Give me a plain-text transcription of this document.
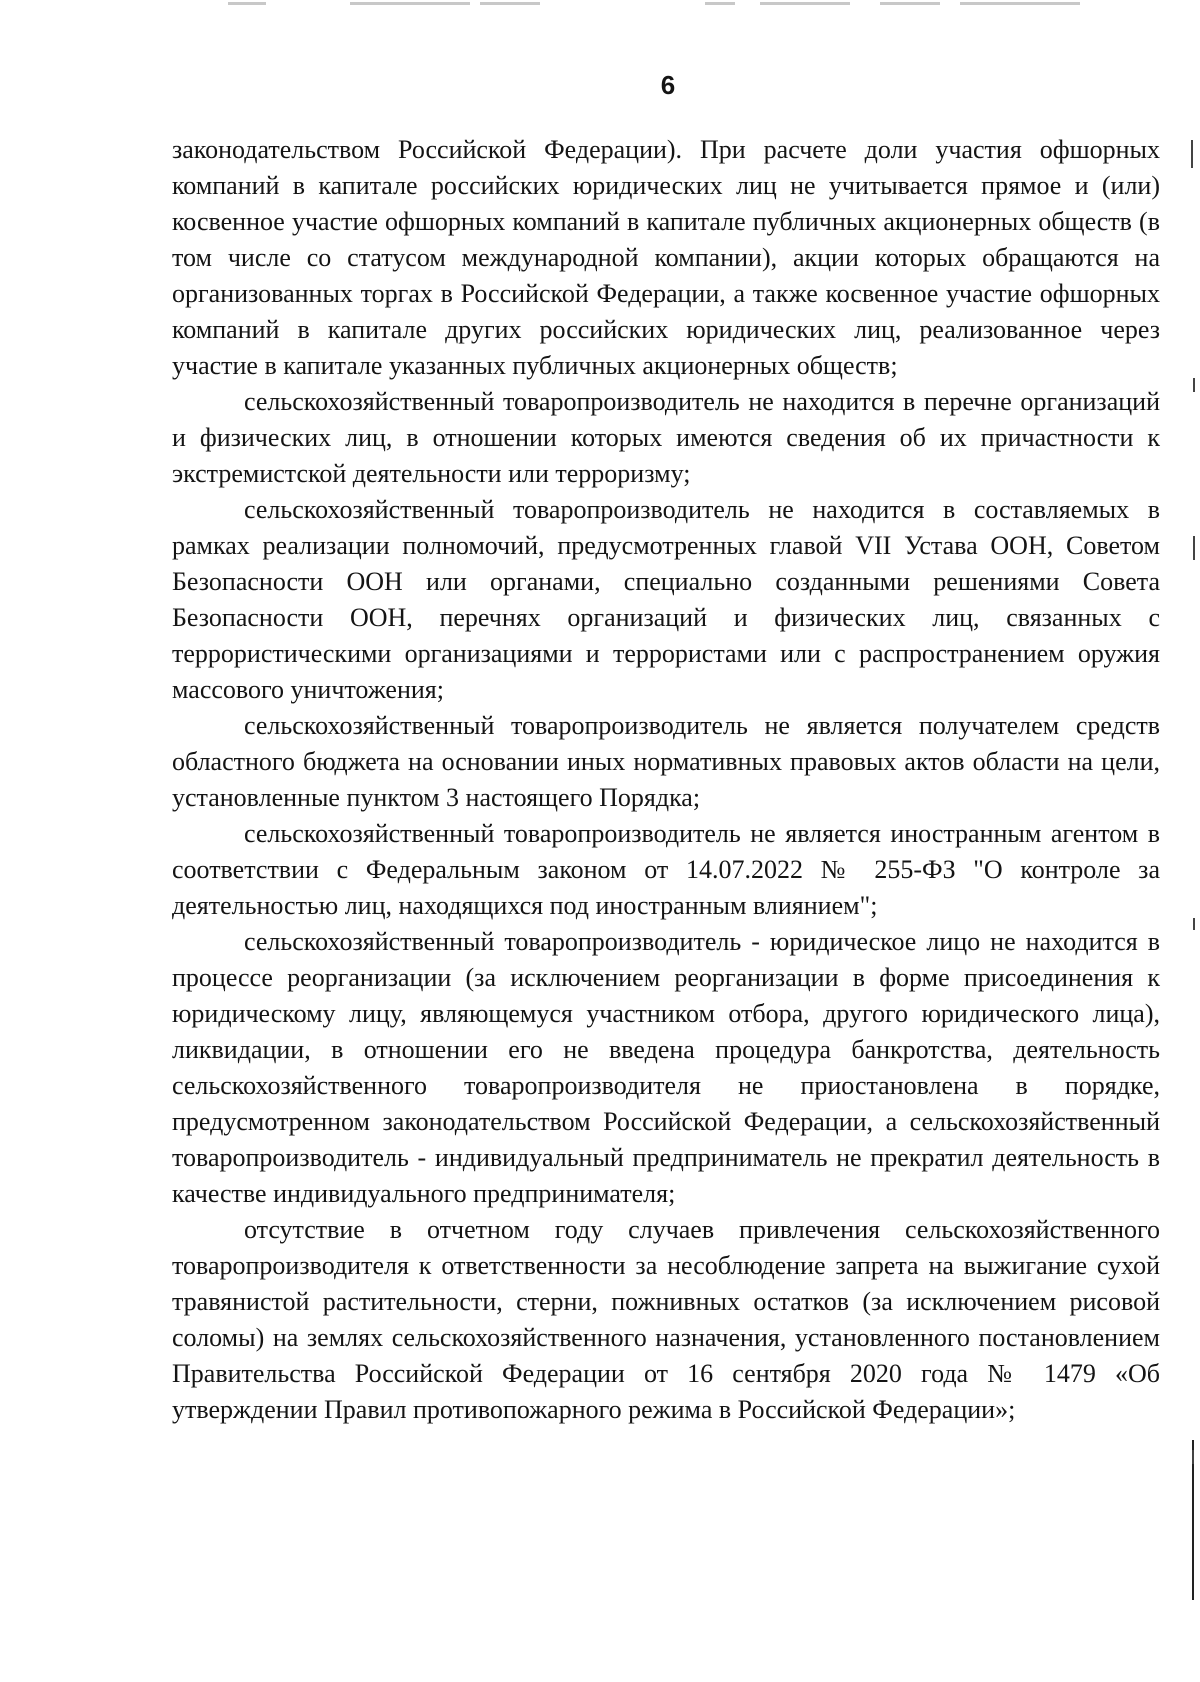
6

законодательством Российской Федерации). При расчете доли участия офшорных компаний в капитале российских юридических лиц не учитывается прямое и (или) косвенное участие офшорных компаний в капитале публичных акционерных обществ (в том числе со статусом международной компании), акции которых обращаются на организованных торгах в Российской Федерации, а также косвенное участие офшорных компаний в капитале других российских юридических лиц, реализованное через участие в капитале указанных публичных акционерных обществ;

сельскохозяйственный товаропроизводитель не находится в перечне организаций и физических лиц, в отношении которых имеются сведения об их причастности к экстремистской деятельности или терроризму;

сельскохозяйственный товаропроизводитель не находится в составляемых в рамках реализации полномочий, предусмотренных главой VII Устава ООН, Советом Безопасности ООН или органами, специально созданными решениями Совета Безопасности ООН, перечнях организаций и физических лиц, связанных с террористическими организациями и террористами или с распространением оружия массового уничтожения;

сельскохозяйственный товаропроизводитель не является получателем средств областного бюджета на основании иных нормативных правовых актов области на цели, установленные пунктом 3 настоящего Порядка;

сельскохозяйственный товаропроизводитель не является иностранным агентом в соответствии с Федеральным законом от 14.07.2022 № 255-ФЗ "О контроле за деятельностью лиц, находящихся под иностранным влиянием";

сельскохозяйственный товаропроизводитель - юридическое лицо не находится в процессе реорганизации (за исключением реорганизации в форме присоединения к юридическому лицу, являющемуся участником отбора, другого юридического лица), ликвидации, в отношении его не введена процедура банкротства, деятельность сельскохозяйственного товаропроизводителя не приостановлена в порядке, предусмотренном законодательством Российской Федерации, а сельскохозяйственный товаропроизводитель - индивидуальный предприниматель не прекратил деятельность в качестве индивидуального предпринимателя;

отсутствие в отчетном году случаев привлечения сельскохозяйственного товаропроизводителя к ответственности за несоблюдение запрета на выжигание сухой травянистой растительности, стерни, пожнивных остатков (за исключением рисовой соломы) на землях сельскохозяйственного назначения, установленного постановлением Правительства Российской Федерации от 16 сентября 2020 года № 1479 «Об утверждении Правил противопожарного режима в Российской Федерации»;
